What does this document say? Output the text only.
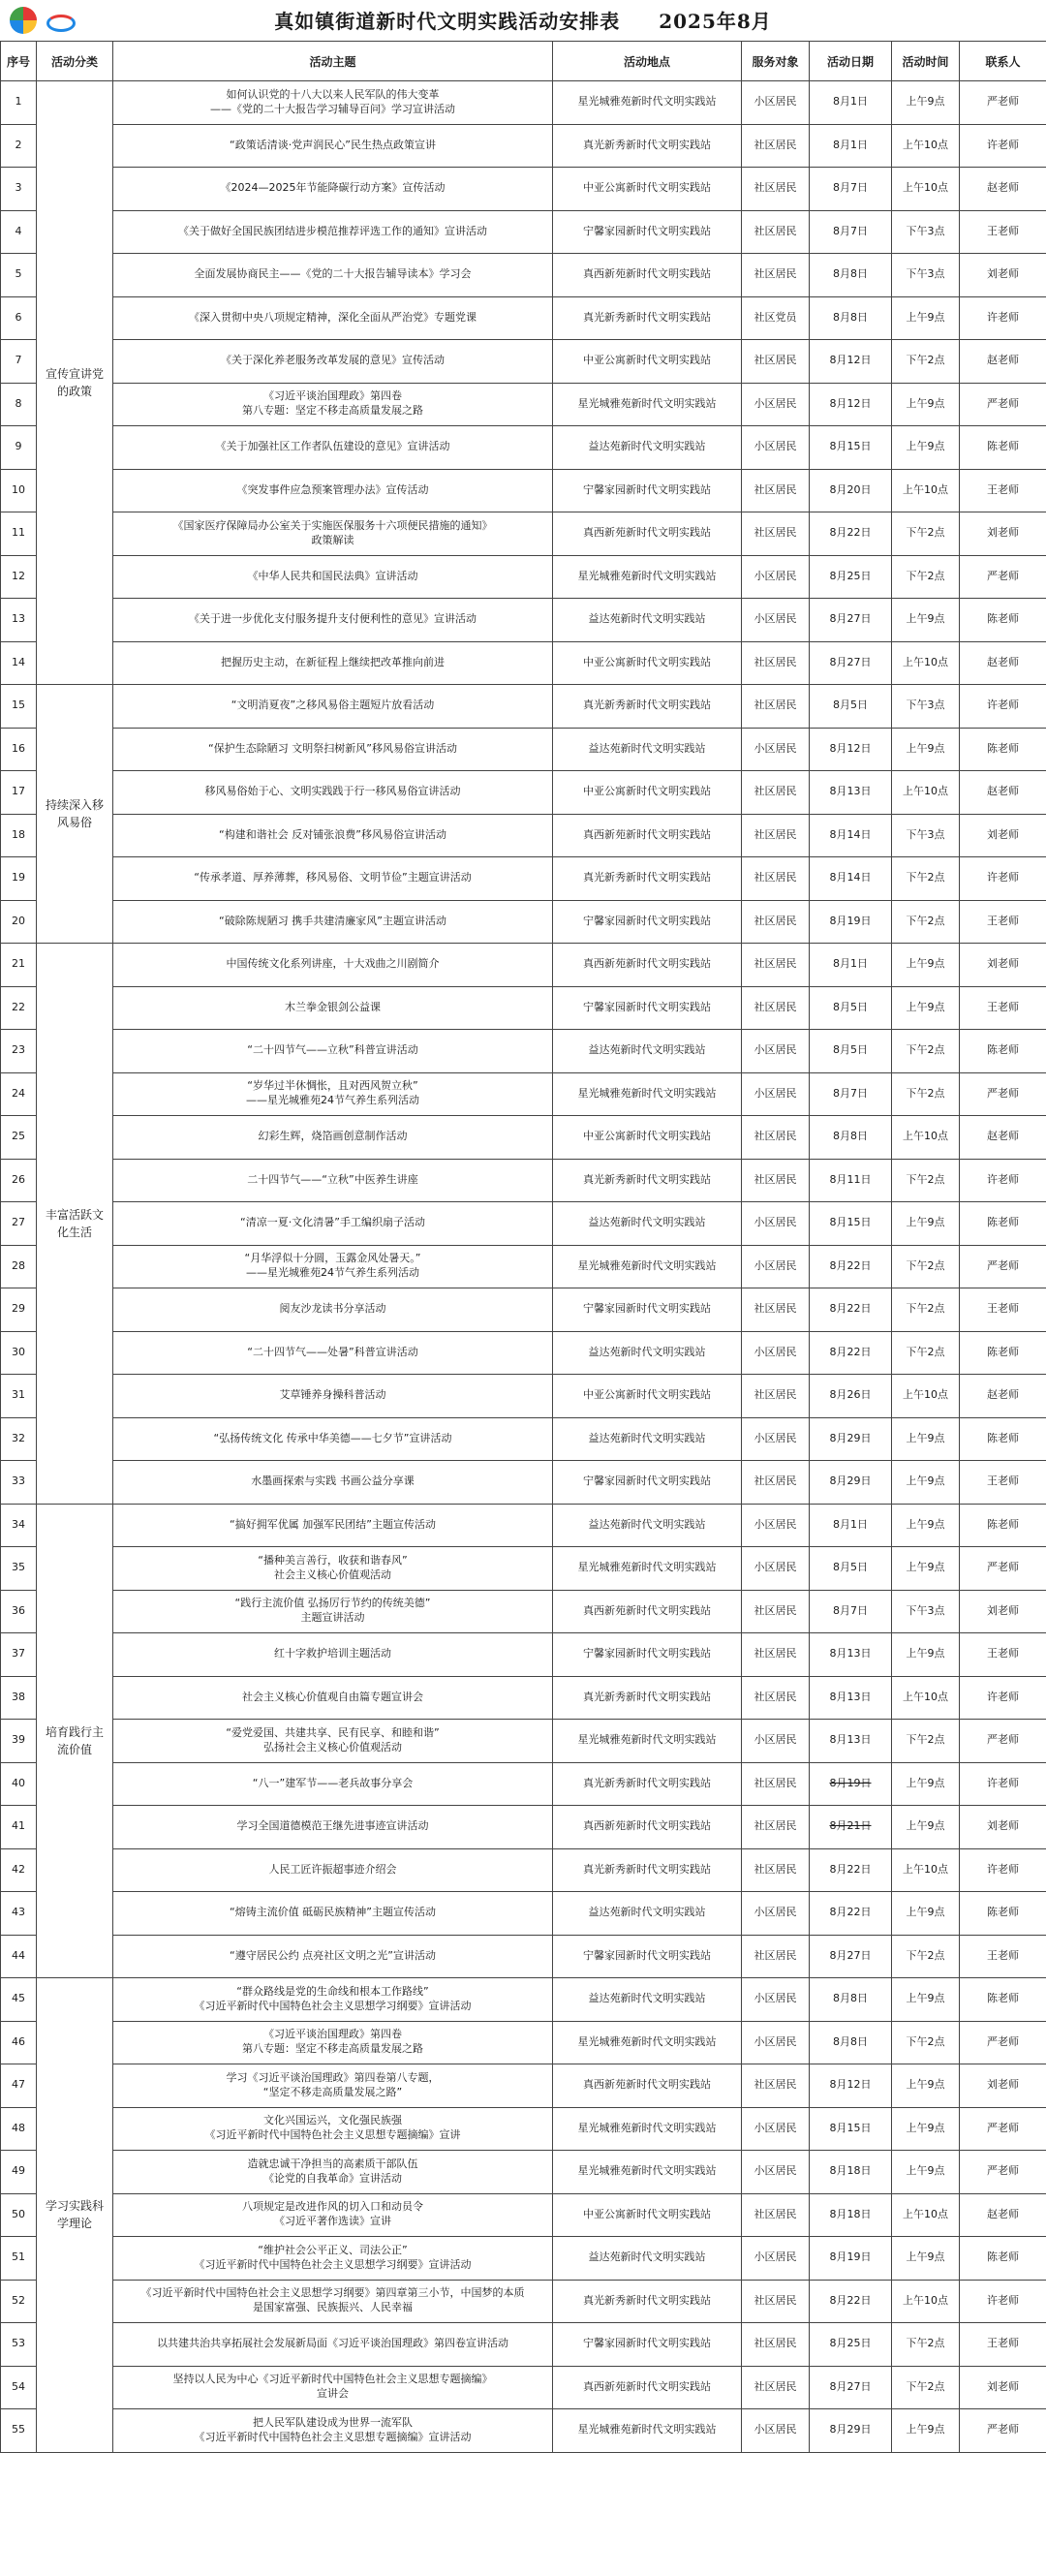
真如镇街道新时代文明实践活动安排表 2025年8月
序号	活动分类	活动主题	活动地点	服务对象	活动日期	活动时间	联系人
1	宣传宣讲党的政策	如何认识党的十八大以来人民军队的伟大变革
——《党的二十大报告学习辅导百问》学习宣讲活动	星光城雅苑新时代文明实践站	小区居民	8月1日	上午9点	严老师
2		“政策话清谈·党声润民心”民生热点政策宣讲	真光新秀新时代文明实践站	社区居民	8月1日	上午10点	许老师
3		《2024—2025年节能降碳行动方案》宣传活动	中亚公寓新时代文明实践站	社区居民	8月7日	上午10点	赵老师
4		《关于做好全国民族团结进步模范推荐评选工作的通知》宣讲活动	宁馨家园新时代文明实践站	社区居民	8月7日	下午3点	王老师
5		全面发展协商民主——《党的二十大报告辅导读本》学习会	真西新苑新时代文明实践站	社区居民	8月8日	下午3点	刘老师
6		《深入贯彻中央八项规定精神，深化全面从严治党》专题党课	真光新秀新时代文明实践站	社区党员	8月8日	上午9点	许老师
7		《关于深化养老服务改革发展的意见》宣传活动	中亚公寓新时代文明实践站	社区居民	8月12日	下午2点	赵老师
8		《习近平谈治国理政》第四卷
第八专题：坚定不移走高质量发展之路	星光城雅苑新时代文明实践站	小区居民	8月12日	上午9点	严老师
9		《关于加强社区工作者队伍建设的意见》宣讲活动	益达苑新时代文明实践站	小区居民	8月15日	上午9点	陈老师
10		《突发事件应急预案管理办法》宣传活动	宁馨家园新时代文明实践站	社区居民	8月20日	上午10点	王老师
11		《国家医疗保障局办公室关于实施医保服务十六项便民措施的通知》
政策解读	真西新苑新时代文明实践站	社区居民	8月22日	下午2点	刘老师
12		《中华人民共和国民法典》宣讲活动	星光城雅苑新时代文明实践站	小区居民	8月25日	下午2点	严老师
13		《关于进一步优化支付服务提升支付便利性的意见》宣讲活动	益达苑新时代文明实践站	小区居民	8月27日	上午9点	陈老师
14		把握历史主动，在新征程上继续把改革推向前进	中亚公寓新时代文明实践站	社区居民	8月27日	上午10点	赵老师
15	持续深入移风易俗	“文明消夏夜”之移风易俗主题短片放看活动	真光新秀新时代文明实践站	社区居民	8月5日	下午3点	许老师
16		“保护生态除陋习 文明祭扫树新风”移风易俗宣讲活动	益达苑新时代文明实践站	小区居民	8月12日	上午9点	陈老师
17		移风易俗始于心、文明实践践于行一移风易俗宣讲活动	中亚公寓新时代文明实践站	社区居民	8月13日	上午10点	赵老师
18		“构建和谐社会 反对铺张浪费”移风易俗宣讲活动	真西新苑新时代文明实践站	社区居民	8月14日	下午3点	刘老师
19		“传承孝道、厚养薄葬，移风易俗、文明节俭”主题宣讲活动	真光新秀新时代文明实践站	社区居民	8月14日	下午2点	许老师
20		“破除陈规陋习 携手共建清廉家风”主题宣讲活动	宁馨家园新时代文明实践站	社区居民	8月19日	下午2点	王老师
21	丰富活跃文化生活	中国传统文化系列讲座，十大戏曲之川剧简介	真西新苑新时代文明实践站	社区居民	8月1日	上午9点	刘老师
22		木兰拳金银剑公益课	宁馨家园新时代文明实践站	社区居民	8月5日	上午9点	王老师
23		“二十四节气——立秋”科普宣讲活动	益达苑新时代文明实践站	小区居民	8月5日	下午2点	陈老师
24		“岁华过半休惆怅，且对西风贺立秋”
——星光城雅苑24节气养生系列活动	星光城雅苑新时代文明实践站	小区居民	8月7日	下午2点	严老师
25		幻彩生辉，烧箔画创意制作活动	中亚公寓新时代文明实践站	社区居民	8月8日	上午10点	赵老师
26		二十四节气——“立秋”中医养生讲座	真光新秀新时代文明实践站	社区居民	8月11日	下午2点	许老师
27		“清凉一夏·文化清暑”手工编织扇子活动	益达苑新时代文明实践站	小区居民	8月15日	上午9点	陈老师
28		“月华浮似十分圆，玉露金风处暑天。”
——星光城雅苑24节气养生系列活动	星光城雅苑新时代文明实践站	小区居民	8月22日	下午2点	严老师
29		阅友沙龙读书分享活动	宁馨家园新时代文明实践站	社区居民	8月22日	下午2点	王老师
30		“二十四节气——处暑”科普宣讲活动	益达苑新时代文明实践站	小区居民	8月22日	下午2点	陈老师
31		艾草锤养身操科普活动	中亚公寓新时代文明实践站	社区居民	8月26日	上午10点	赵老师
32		“弘扬传统文化 传承中华美德——七夕节”宣讲活动	益达苑新时代文明实践站	小区居民	8月29日	上午9点	陈老师
33		水墨画探索与实践 书画公益分享课	宁馨家园新时代文明实践站	社区居民	8月29日	上午9点	王老师
34	培育践行主流价值	“搞好拥军优属 加强军民团结”主题宣传活动	益达苑新时代文明实践站	小区居民	8月1日	上午9点	陈老师
35		“播种美言善行，收获和谐春风”
社会主义核心价值观活动	星光城雅苑新时代文明实践站	小区居民	8月5日	上午9点	严老师
36		“践行主流价值 弘扬厉行节约的传统美德”
主题宣讲活动	真西新苑新时代文明实践站	社区居民	8月7日	下午3点	刘老师
37		红十字救护培训主题活动	宁馨家园新时代文明实践站	社区居民	8月13日	上午9点	王老师
38		社会主义核心价值观自由篇专题宣讲会	真光新秀新时代文明实践站	社区居民	8月13日	上午10点	许老师
39		“爱党爱国、共建共享、民有民享、和睦和谐”
弘扬社会主义核心价值观活动	星光城雅苑新时代文明实践站	小区居民	8月13日	下午2点	严老师
40		“八一”建军节——老兵故事分享会	真光新秀新时代文明实践站	社区居民	8月19日	上午9点	许老师
41		学习全国道德模范王继先进事迹宣讲活动	真西新苑新时代文明实践站	社区居民	8月21日	上午9点	刘老师
42		人民工匠许振超事迹介绍会	真光新秀新时代文明实践站	社区居民	8月22日	上午10点	许老师
43		“熔铸主流价值 砥砺民族精神”主题宣传活动	益达苑新时代文明实践站	小区居民	8月22日	上午9点	陈老师
44		“遵守居民公约 点亮社区文明之光”宣讲活动	宁馨家园新时代文明实践站	社区居民	8月27日	下午2点	王老师
45	学习实践科学理论	“群众路线是党的生命线和根本工作路线”
《习近平新时代中国特色社会主义思想学习纲要》宣讲活动	益达苑新时代文明实践站	小区居民	8月8日	上午9点	陈老师
46		《习近平谈治国理政》第四卷
第八专题：坚定不移走高质量发展之路	星光城雅苑新时代文明实践站	小区居民	8月8日	下午2点	严老师
47		学习《习近平谈治国理政》第四卷第八专题，
“坚定不移走高质量发展之路”	真西新苑新时代文明实践站	社区居民	8月12日	上午9点	刘老师
48		文化兴国运兴，文化强民族强
《习近平新时代中国特色社会主义思想专题摘编》宣讲	星光城雅苑新时代文明实践站	小区居民	8月15日	上午9点	严老师
49		造就忠诚干净担当的高素质干部队伍
《论党的自我革命》宣讲活动	星光城雅苑新时代文明实践站	小区居民	8月18日	上午9点	严老师
50		八项规定是改进作风的切入口和动员令
《习近平著作选读》宣讲	中亚公寓新时代文明实践站	社区居民	8月18日	上午10点	赵老师
51		“维护社会公平正义、司法公正”
《习近平新时代中国特色社会主义思想学习纲要》宣讲活动	益达苑新时代文明实践站	小区居民	8月19日	上午9点	陈老师
52		《习近平新时代中国特色社会主义思想学习纲要》第四章第三小节，中国梦的本质
是国家富强、民族振兴、人民幸福	真光新秀新时代文明实践站	社区居民	8月22日	上午10点	许老师
53		以共建共治共享拓展社会发展新局面《习近平谈治国理政》第四卷宣讲活动	宁馨家园新时代文明实践站	社区居民	8月25日	下午2点	王老师
54		坚持以人民为中心《习近平新时代中国特色社会主义思想专题摘编》
宣讲会	真西新苑新时代文明实践站	社区居民	8月27日	下午2点	刘老师
55		把人民军队建设成为世界一流军队
《习近平新时代中国特色社会主义思想专题摘编》宣讲活动	星光城雅苑新时代文明实践站	小区居民	8月29日	上午9点	严老师
